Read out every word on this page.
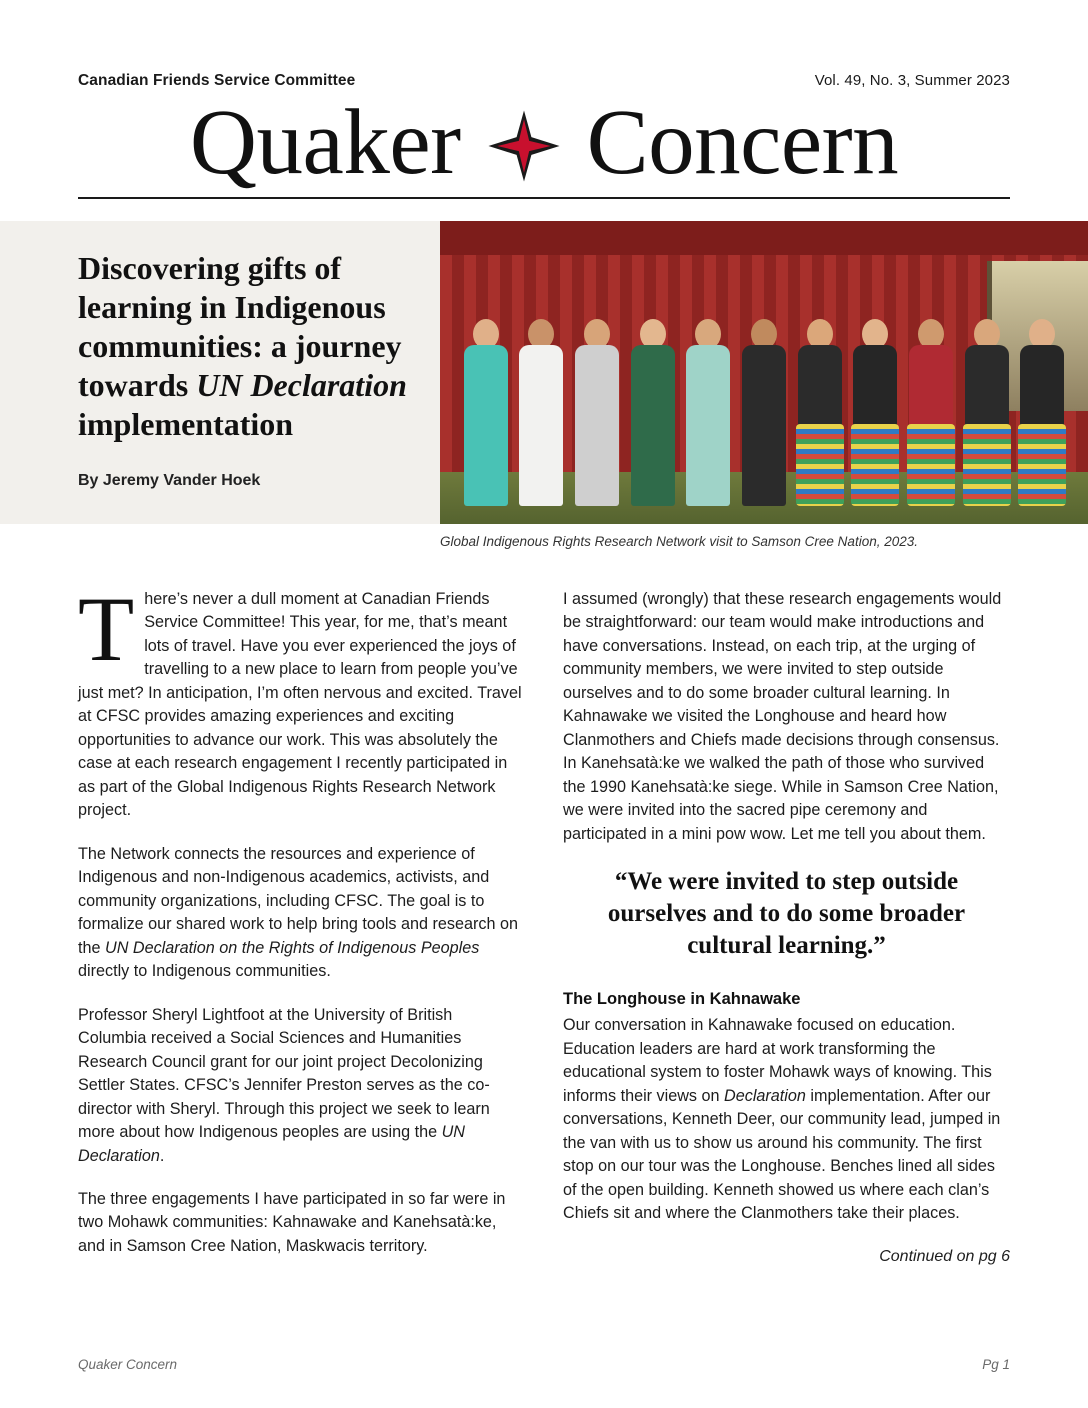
Canadian Friends Service Committee	Vol. 49, No. 3, Summer 2023
Quaker Concern
Discovering gifts of
learning in Indigenous
communities: a journey
towards UN Declaration
implementation
By Jeremy Vander Hoek
Global Indigenous Rights Research Network visit to Samson Cree Nation, 2023.

There’s never a dull moment at Canadian Friends Service Committee! This year, for me, that’s meant lots of travel. Have you ever experienced the joys of travelling to a new place to learn from people you’ve just met? In anticipation, I’m often nervous and excited. Travel at CFSC provides amazing experiences and exciting opportunities to advance our work. This was absolutely the case at each research engagement I recently participated in as part of the Global Indigenous Rights Research Network project.

The Network connects the resources and experience of Indigenous and non-Indigenous academics, activists, and community organizations, including CFSC. The goal is to formalize our shared work to help bring tools and research on the UN Declaration on the Rights of Indigenous Peoples directly to Indigenous communities.

Professor Sheryl Lightfoot at the University of British Columbia received a Social Sciences and Humanities Research Council grant for our joint project Decolonizing Settler States. CFSC’s Jennifer Preston serves as the co-director with Sheryl. Through this project we seek to learn more about how Indigenous peoples are using the UN Declaration.

The three engagements I have participated in so far were in two Mohawk communities: Kahnawake and Kanehsatà:ke, and in Samson Cree Nation, Maskwacis territory.

I assumed (wrongly) that these research engagements would be straightforward: our team would make introductions and have conversations. Instead, on each trip, at the urging of community members, we were invited to step outside ourselves and to do some broader cultural learning. In Kahnawake we visited the Longhouse and heard how Clanmothers and Chiefs made decisions through consensus. In Kanehsatà:ke we walked the path of those who survived the 1990 Kanehsatà:ke siege. While in Samson Cree Nation, we were invited into the sacred pipe ceremony and participated in a mini pow wow. Let me tell you about them.

“We were invited to step outside ourselves and to do some broader cultural learning.”
The Longhouse in Kahnawake

Our conversation in Kahnawake focused on education. Education leaders are hard at work transforming the educational system to foster Mohawk ways of knowing. This informs their views on Declaration implementation. After our conversations, Kenneth Deer, our community lead, jumped in the van with us to show us around his community. The first stop on our tour was the Longhouse. Benches lined all sides of the open building. Kenneth showed us where each clan’s Chiefs sit and where the Clanmothers take their places.

Continued on pg 6
Quaker Concern	Pg 1
